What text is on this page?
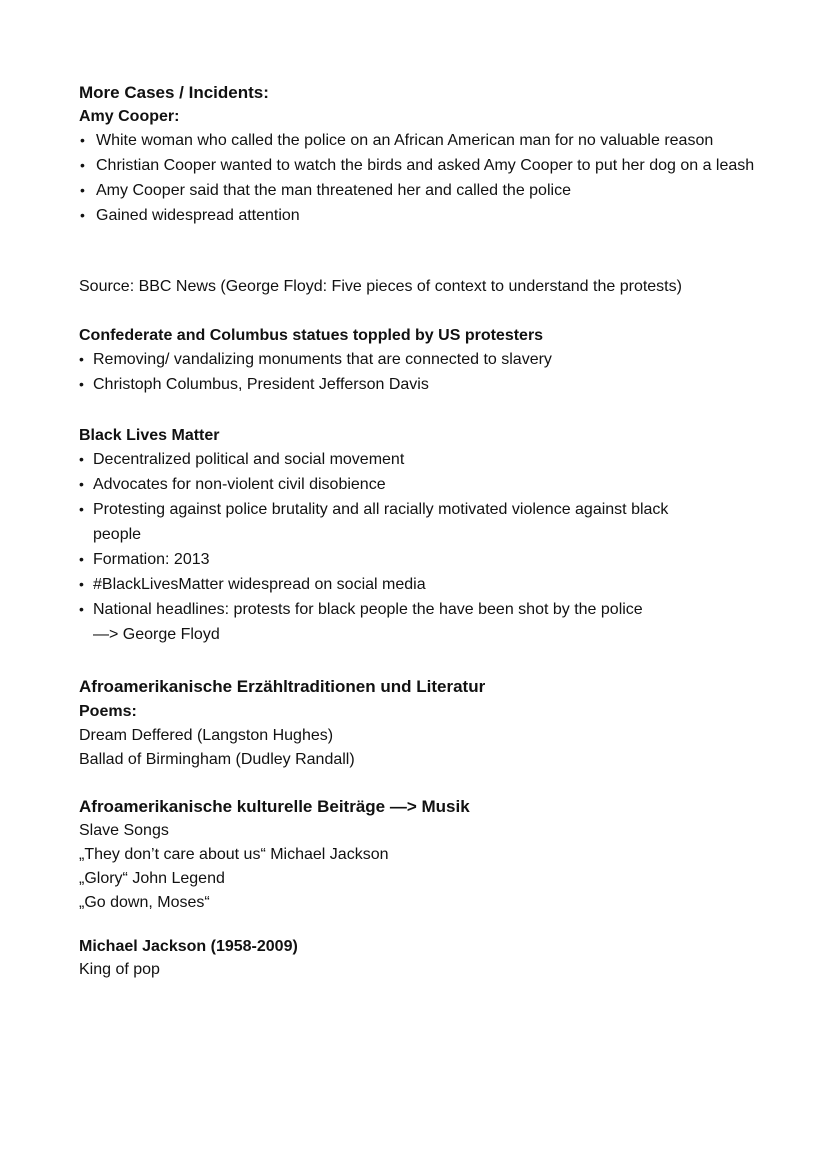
More Cases / Incidents:

Amy Cooper:

• White woman who called the police on an African American man for no valuable reason
• Christian Cooper wanted to watch the birds and asked Amy Cooper to put her dog on a leash
• Amy Cooper said that the man threatened her and called the police
• Gained widespread attention

Source: BBC News (George Floyd: Five pieces of context to understand the protests)

Confederate and Columbus statues toppled by US protesters

• Removing/ vandalizing monuments that are connected to slavery
• Christoph Columbus, President Jefferson Davis

Black Lives Matter

• Decentralized political and social movement
• Advocates for non-violent civil disobience
• Protesting against police brutality and all racially motivated violence against black people
• Formation: 2013
• #BlackLivesMatter widespread on social media
• National headlines: protests for black people the have been shot by the police
—> George Floyd

Afroamerikanische Erzähltraditionen und Literatur

Poems:

Dream Deffered (Langston Hughes)

Ballad of Birmingham (Dudley Randall)

Afroamerikanische kulturelle Beiträge —> Musik

Slave Songs

„They don’t care about us“ Michael Jackson

„Glory“ John Legend

„Go down, Moses“

Michael Jackson (1958-2009)

King of pop
